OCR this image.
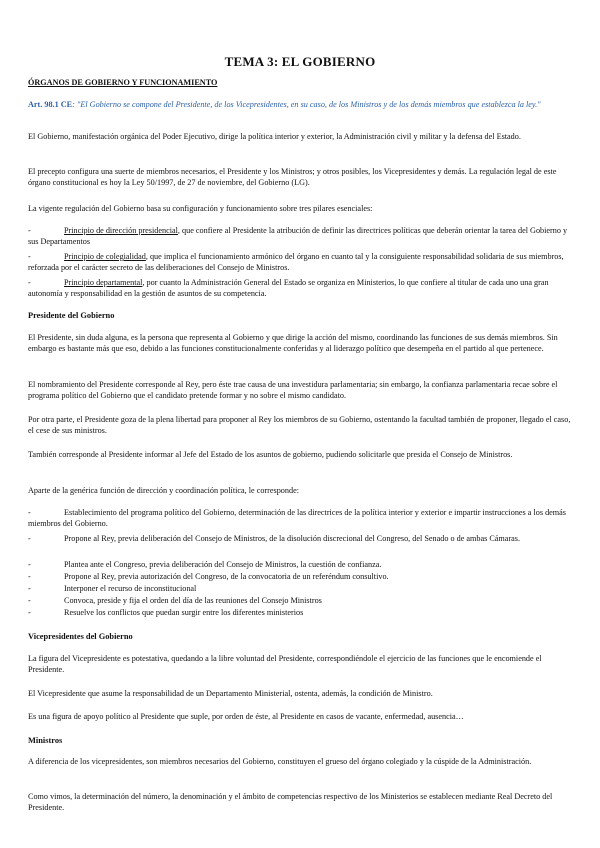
TEMA 3: EL GOBIERNO
ÓRGANOS DE GOBIERNO Y FUNCIONAMIENTO

Art. 98.1 CE: "El Gobierno se compone del Presidente, de los Vicepresidentes, en su caso, de los Ministros y de los demás miembros que establezca la ley."

El Gobierno, manifestación orgánica del Poder Ejecutivo, dirige la política interior y exterior, la Administración civil y militar y la defensa del Estado.

El precepto configura una suerte de miembros necesarios, el Presidente y los Ministros; y otros posibles, los Vicepresidentes y demás. La regulación legal de este órgano constitucional es hoy la Ley 50/1997, de 27 de noviembre, del Gobierno (LG).

La vigente regulación del Gobierno basa su configuración y funcionamiento sobre tres pilares esenciales:

-	Principio de dirección presidencial, que confiere al Presidente la atribución de definir las directrices políticas que deberán orientar la tarea del Gobierno y sus Departamentos

-	Principio de colegialidad, que implica el funcionamiento armónico del órgano en cuanto tal y la consiguiente responsabilidad solidaria de sus miembros, reforzada por el carácter secreto de las deliberaciones del Consejo de Ministros.

-	Principio departamental, por cuanto la Administración General del Estado se organiza en Ministerios, lo que confiere al titular de cada uno una gran autonomía y responsabilidad en la gestión de asuntos de su competencia.

Presidente del Gobierno

El Presidente, sin duda alguna, es la persona que representa al Gobierno y que dirige la acción del mismo, coordinando las funciones de sus demás miembros. Sin embargo es bastante más que eso, debido a las funciones constitucionalmente conferidas y al liderazgo político que desempeña en el partido al que pertenece.

El nombramiento del Presidente corresponde al Rey, pero éste trae causa de una investidura parlamentaria; sin embargo, la confianza parlamentaria recae sobre el programa político del Gobierno que el candidato pretende formar y no sobre el mismo candidato.

Por otra parte, el Presidente goza de la plena libertad para proponer al Rey los miembros de su Gobierno, ostentando la facultad también de proponer, llegado el caso, el cese de sus ministros.

También corresponde al Presidente informar al Jefe del Estado de los asuntos de gobierno, pudiendo solicitarle que presida el Consejo de Ministros.

Aparte de la genérica función de dirección y coordinación política, le corresponde:

-	Establecimiento del programa político del Gobierno, determinación de las directrices de la política interior y exterior e impartir instrucciones a los demás miembros del Gobierno.

-	Propone al Rey, previa deliberación del Consejo de Ministros, de la disolución discrecional del Congreso, del Senado o de ambas Cámaras.

-	Plantea ante el Congreso, previa deliberación del Consejo de Ministros, la cuestión de confianza.

-	Propone al Rey, previa autorización del Congreso, de la convocatoria de un referéndum consultivo.

-	Interponer el recurso de inconstitucional

-	Convoca, preside y fija el orden del día de las reuniones del Consejo Ministros

-	Resuelve los conflictos que puedan surgir entre los diferentes ministerios

Vicepresidentes del Gobierno

La figura del Vicepresidente es potestativa, quedando a la libre voluntad del Presidente, correspondiéndole el ejercicio de las funciones que le encomiende el Presidente.

El Vicepresidente que asume la responsabilidad de un Departamento Ministerial, ostenta, además, la condición de Ministro.

Es una figura de apoyo político al Presidente que suple, por orden de éste, al Presidente en casos de vacante, enfermedad, ausencia…

Ministros

A diferencia de los vicepresidentes, son miembros necesarios del Gobierno, constituyen el grueso del órgano colegiado y la cúspide de la Administración.

Como vimos, la determinación del número, la denominación y el ámbito de competencias respectivo de los Ministerios se establecen mediante Real Decreto del Presidente.
